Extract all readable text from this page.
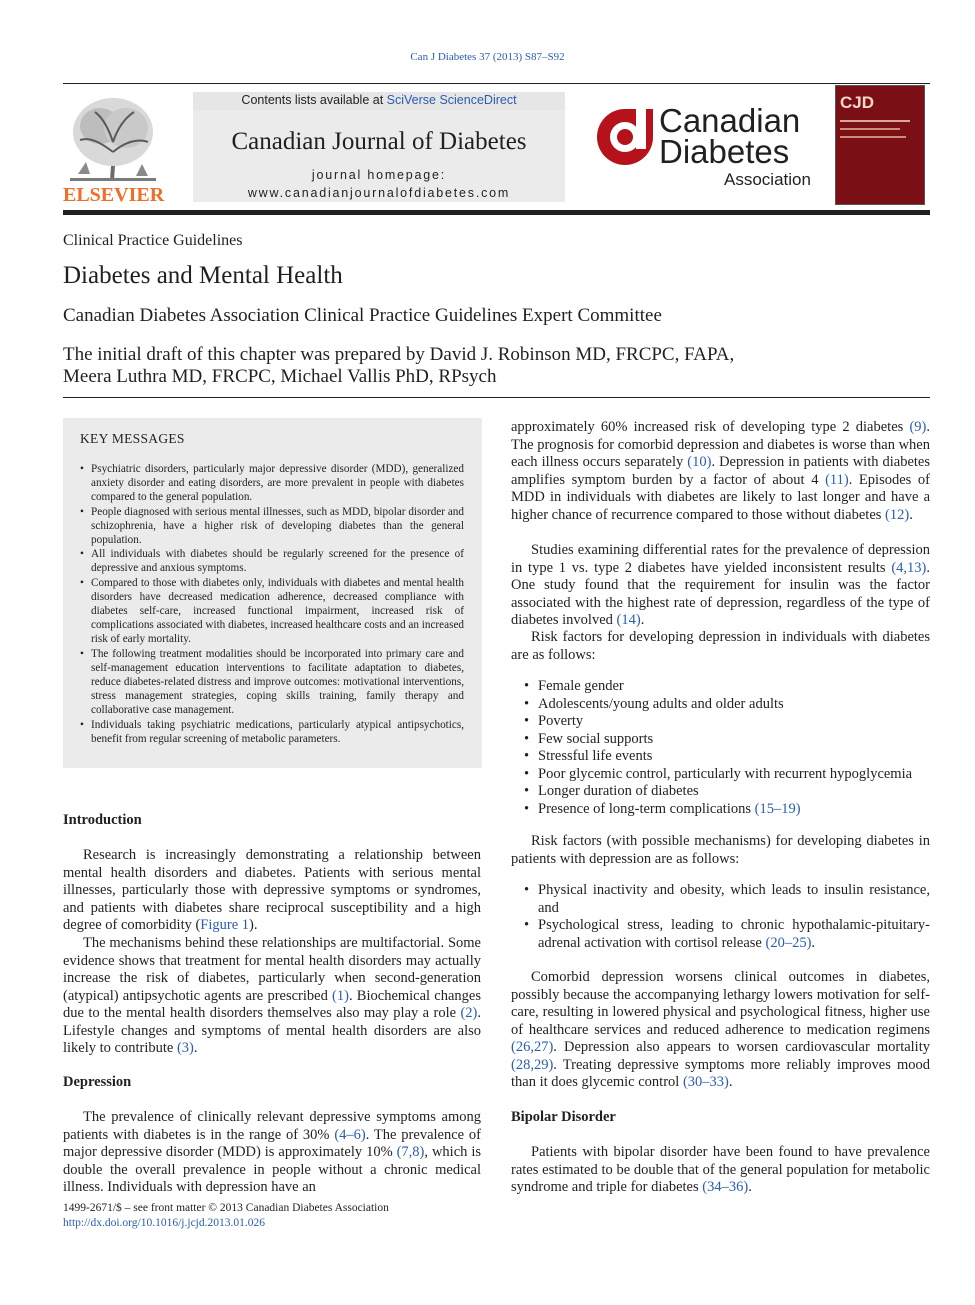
Can J Diabetes 37 (2013) S87–S92
ELSEVIER
Contents lists available at SciVerse ScienceDirect
Canadian Journal of Diabetes
journal homepage:
www.canadianjournalofdiabetes.com
Canadian
Diabetes
Association
CJD
Clinical Practice Guidelines
Diabetes and Mental Health
Canadian Diabetes Association Clinical Practice Guidelines Expert Committee
The initial draft of this chapter was prepared by David J. Robinson MD, FRCPC, FAPA,
Meera Luthra MD, FRCPC, Michael Vallis PhD, RPsych
KEY MESSAGES
• Psychiatric disorders, particularly major depressive disorder (MDD), generalized anxiety disorder and eating disorders, are more prevalent in people with diabetes compared to the general population.
• People diagnosed with serious mental illnesses, such as MDD, bipolar disorder and schizophrenia, have a higher risk of developing diabetes than the general population.
• All individuals with diabetes should be regularly screened for the presence of depressive and anxious symptoms.
• Compared to those with diabetes only, individuals with diabetes and mental health disorders have decreased medication adherence, decreased compliance with diabetes self-care, increased functional impairment, increased risk of complications associated with diabetes, increased healthcare costs and an increased risk of early mortality.
• The following treatment modalities should be incorporated into primary care and self-management education interventions to facilitate adaptation to diabetes, reduce diabetes-related distress and improve outcomes: motivational interventions, stress management strategies, coping skills training, family therapy and collaborative case management.
• Individuals taking psychiatric medications, particularly atypical antipsychotics, benefit from regular screening of metabolic parameters.
Introduction
Research is increasingly demonstrating a relationship between mental health disorders and diabetes. Patients with serious mental illnesses, particularly those with depressive symptoms or syndromes, and patients with diabetes share reciprocal susceptibility and a high degree of comorbidity (Figure 1).
The mechanisms behind these relationships are multifactorial. Some evidence shows that treatment for mental health disorders may actually increase the risk of diabetes, particularly when second-generation (atypical) antipsychotic agents are prescribed (1). Biochemical changes due to the mental health disorders themselves also may play a role (2). Lifestyle changes and symptoms of mental health disorders are also likely to contribute (3).
Depression
The prevalence of clinically relevant depressive symptoms among patients with diabetes is in the range of 30% (4–6). The prevalence of major depressive disorder (MDD) is approximately 10% (7,8), which is double the overall prevalence in people without a chronic medical illness. Individuals with depression have an
approximately 60% increased risk of developing type 2 diabetes (9). The prognosis for comorbid depression and diabetes is worse than when each illness occurs separately (10). Depression in patients with diabetes amplifies symptom burden by a factor of about 4 (11). Episodes of MDD in individuals with diabetes are likely to last longer and have a higher chance of recurrence compared to those without diabetes (12).
Studies examining differential rates for the prevalence of depression in type 1 vs. type 2 diabetes have yielded inconsistent results (4,13). One study found that the requirement for insulin was the factor associated with the highest rate of depression, regardless of the type of diabetes involved (14).
Risk factors for developing depression in individuals with diabetes are as follows:
• Female gender
• Adolescents/young adults and older adults
• Poverty
• Few social supports
• Stressful life events
• Poor glycemic control, particularly with recurrent hypoglycemia
• Longer duration of diabetes
• Presence of long-term complications (15–19)
Risk factors (with possible mechanisms) for developing diabetes in patients with depression are as follows:
• Physical inactivity and obesity, which leads to insulin resistance, and
• Psychological stress, leading to chronic hypothalamic-pituitary-adrenal activation with cortisol release (20–25).
Comorbid depression worsens clinical outcomes in diabetes, possibly because the accompanying lethargy lowers motivation for self-care, resulting in lowered physical and psychological fitness, higher use of healthcare services and reduced adherence to medication regimens (26,27). Depression also appears to worsen cardiovascular mortality (28,29). Treating depressive symptoms more reliably improves mood than it does glycemic control (30–33).
Bipolar Disorder
Patients with bipolar disorder have been found to have prevalence rates estimated to be double that of the general population for metabolic syndrome and triple for diabetes (34–36).
1499-2671/$ – see front matter © 2013 Canadian Diabetes Association
http://dx.doi.org/10.1016/j.jcjd.2013.01.026
